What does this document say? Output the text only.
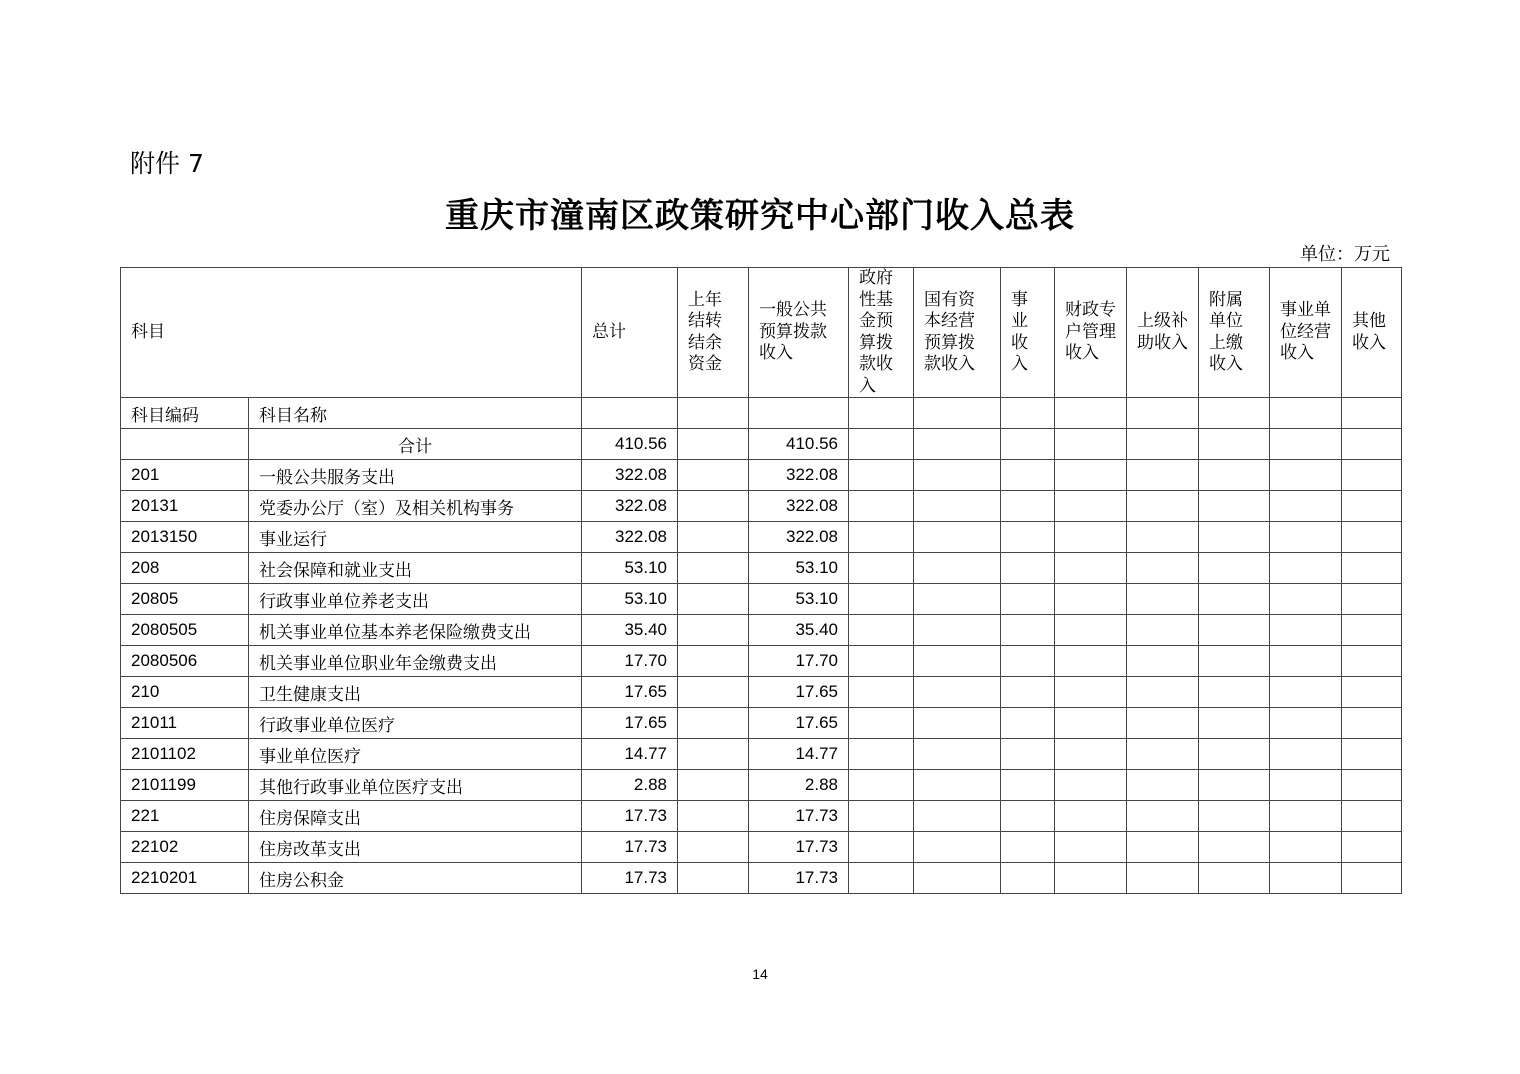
附件 7
重庆市潼南区政策研究中心部门收入总表
单位：万元
科目		总计	上年结转结余资金	一般公共预算拨款收入	政府性基金预算拨款收入	国有资本经营预算拨款收入	事业收入	财政专户管理收入	上级补助收入	附属单位上缴收入	事业单位经营收入	其他收入
科目编码	科目名称											
	合计	410.56		410.56								
201	一般公共服务支出	322.08		322.08								
20131	党委办公厅（室）及相关机构事务	322.08		322.08								
2013150	事业运行	322.08		322.08								
208	社会保障和就业支出	53.10		53.10								
20805	行政事业单位养老支出	53.10		53.10								
2080505	机关事业单位基本养老保险缴费支出	35.40		35.40								
2080506	机关事业单位职业年金缴费支出	17.70		17.70								
210	卫生健康支出	17.65		17.65								
21011	行政事业单位医疗	17.65		17.65								
2101102	事业单位医疗	14.77		14.77								
2101199	其他行政事业单位医疗支出	2.88		2.88								
221	住房保障支出	17.73		17.73								
22102	住房改革支出	17.73		17.73								
2210201	住房公积金	17.73		17.73								
14
